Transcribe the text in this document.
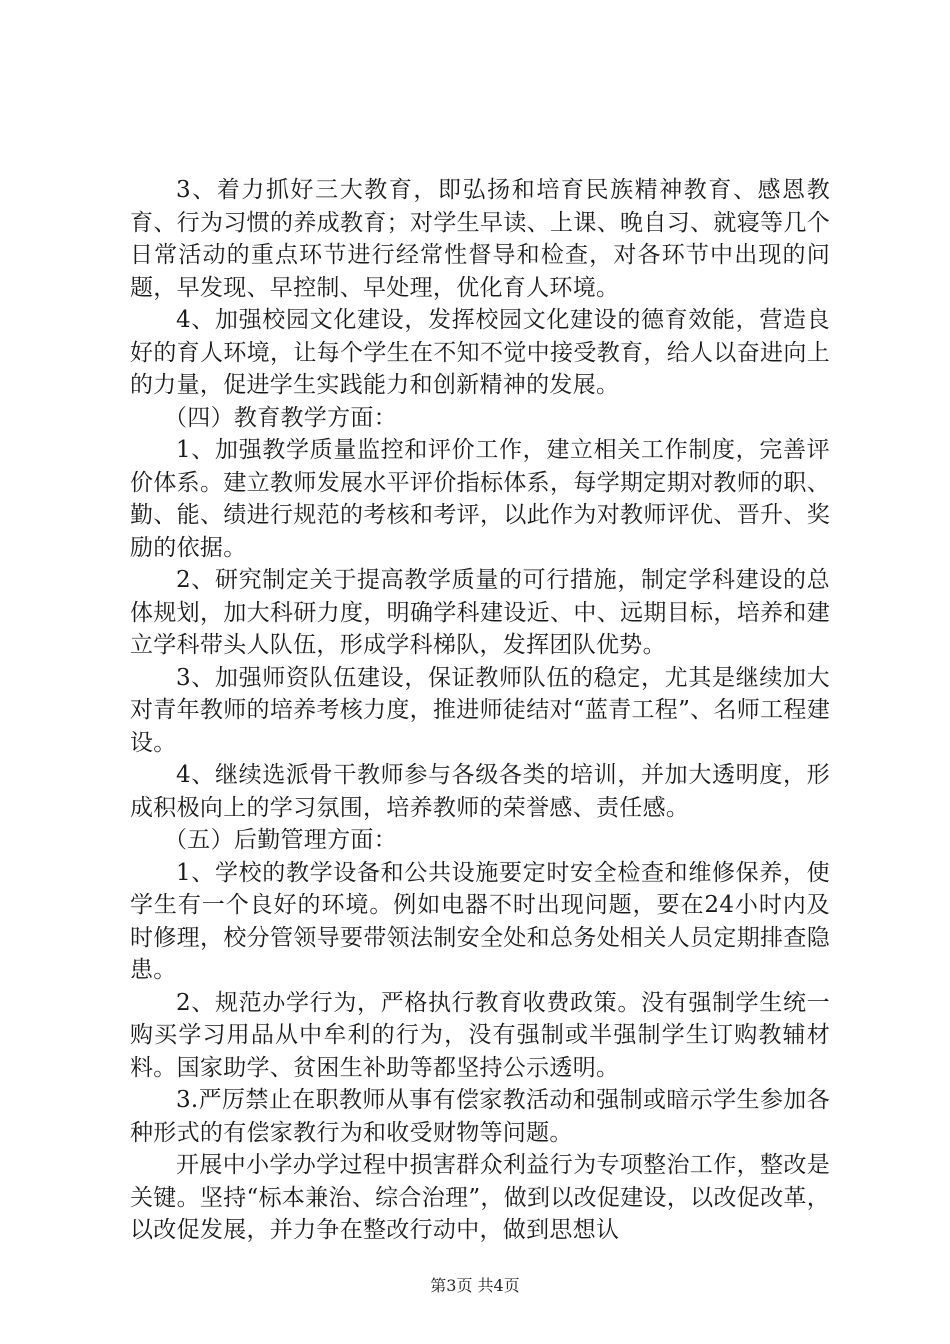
3、着力抓好三大教育，即弘扬和培育民族精神教育、感恩教育、行为习惯的养成教育；对学生早读、上课、晚自习、就寝等几个日常活动的重点环节进行经常性督导和检查，对各环节中出现的问题，早发现、早控制、早处理，优化育人环境。

4、加强校园文化建设，发挥校园文化建设的德育效能，营造良好的育人环境，让每个学生在不知不觉中接受教育，给人以奋进向上的力量，促进学生实践能力和创新精神的发展。

（四）教育教学方面：

1、加强教学质量监控和评价工作，建立相关工作制度，完善评价体系。建立教师发展水平评价指标体系，每学期定期对教师的职、勤、能、绩进行规范的考核和考评，以此作为对教师评优、晋升、奖励的依据。

2、研究制定关于提高教学质量的可行措施，制定学科建设的总体规划，加大科研力度，明确学科建设近、中、远期目标，培养和建立学科带头人队伍，形成学科梯队，发挥团队优势。

3、加强师资队伍建设，保证教师队伍的稳定，尤其是继续加大对青年教师的培养考核力度，推进师徒结对“蓝青工程”、名师工程建设。

4、继续选派骨干教师参与各级各类的培训，并加大透明度，形成积极向上的学习氛围，培养教师的荣誉感、责任感。

（五）后勤管理方面：

1、学校的教学设备和公共设施要定时安全检查和维修保养，使学生有一个良好的环境。例如电器不时出现问题，要在24小时内及时修理，校分管领导要带领法制安全处和总务处相关人员定期排查隐患。

2、规范办学行为，严格执行教育收费政策。没有强制学生统一购买学习用品从中牟利的行为，没有强制或半强制学生订购教辅材料。国家助学、贫困生补助等都坚持公示透明。

3.严厉禁止在职教师从事有偿家教活动和强制或暗示学生参加各种形式的有偿家教行为和收受财物等问题。

开展中小学办学过程中损害群众利益行为专项整治工作，整改是关键。坚持“标本兼治、综合治理”，做到以改促建设，以改促改革，以改促发展，并力争在整改行动中，做到思想认

第3页 共4页
